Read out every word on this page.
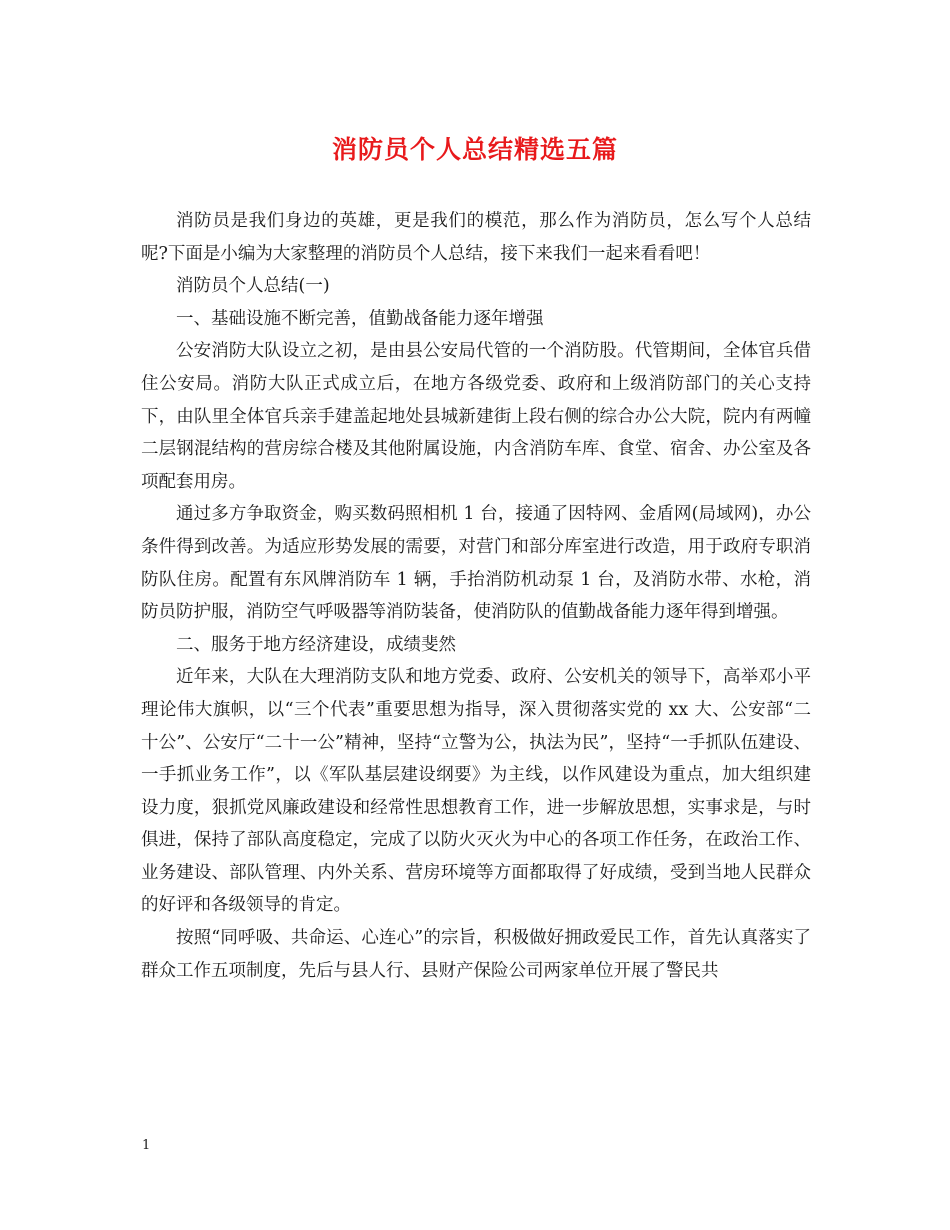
消防员个人总结精选五篇

消防员是我们身边的英雄，更是我们的模范，那么作为消防员，怎么写个人总结呢?下面是小编为大家整理的消防员个人总结，接下来我们一起来看看吧！

消防员个人总结(一)

一、基础设施不断完善，值勤战备能力逐年增强

公安消防大队设立之初，是由县公安局代管的一个消防股。代管期间，全体官兵借住公安局。消防大队正式成立后，在地方各级党委、政府和上级消防部门的关心支持下，由队里全体官兵亲手建盖起地处县城新建街上段右侧的综合办公大院，院内有两幢二层钢混结构的营房综合楼及其他附属设施，内含消防车库、食堂、宿舍、办公室及各项配套用房。

通过多方争取资金，购买数码照相机 1 台，接通了因特网、金盾网(局域网)，办公条件得到改善。为适应形势发展的需要，对营门和部分库室进行改造，用于政府专职消防队住房。配置有东风牌消防车 1 辆，手抬消防机动泵 1 台，及消防水带、水枪，消防员防护服，消防空气呼吸器等消防装备，使消防队的值勤战备能力逐年得到增强。

二、服务于地方经济建设，成绩斐然

近年来，大队在大理消防支队和地方党委、政府、公安机关的领导下，高举邓小平理论伟大旗帜，以“三个代表”重要思想为指导，深入贯彻落实党的 xx 大、公安部“二十公”、公安厅“二十一公”精神，坚持“立警为公，执法为民”，坚持“一手抓队伍建设、一手抓业务工作”，以《军队基层建设纲要》为主线，以作风建设为重点，加大组织建设力度，狠抓党风廉政建设和经常性思想教育工作，进一步解放思想，实事求是，与时俱进，保持了部队高度稳定，完成了以防火灭火为中心的各项工作任务，在政治工作、业务建设、部队管理、内外关系、营房环境等方面都取得了好成绩，受到当地人民群众的好评和各级领导的肯定。

按照“同呼吸、共命运、心连心”的宗旨，积极做好拥政爱民工作，首先认真落实了群众工作五项制度，先后与县人行、县财产保险公司两家单位开展了警民共

1
